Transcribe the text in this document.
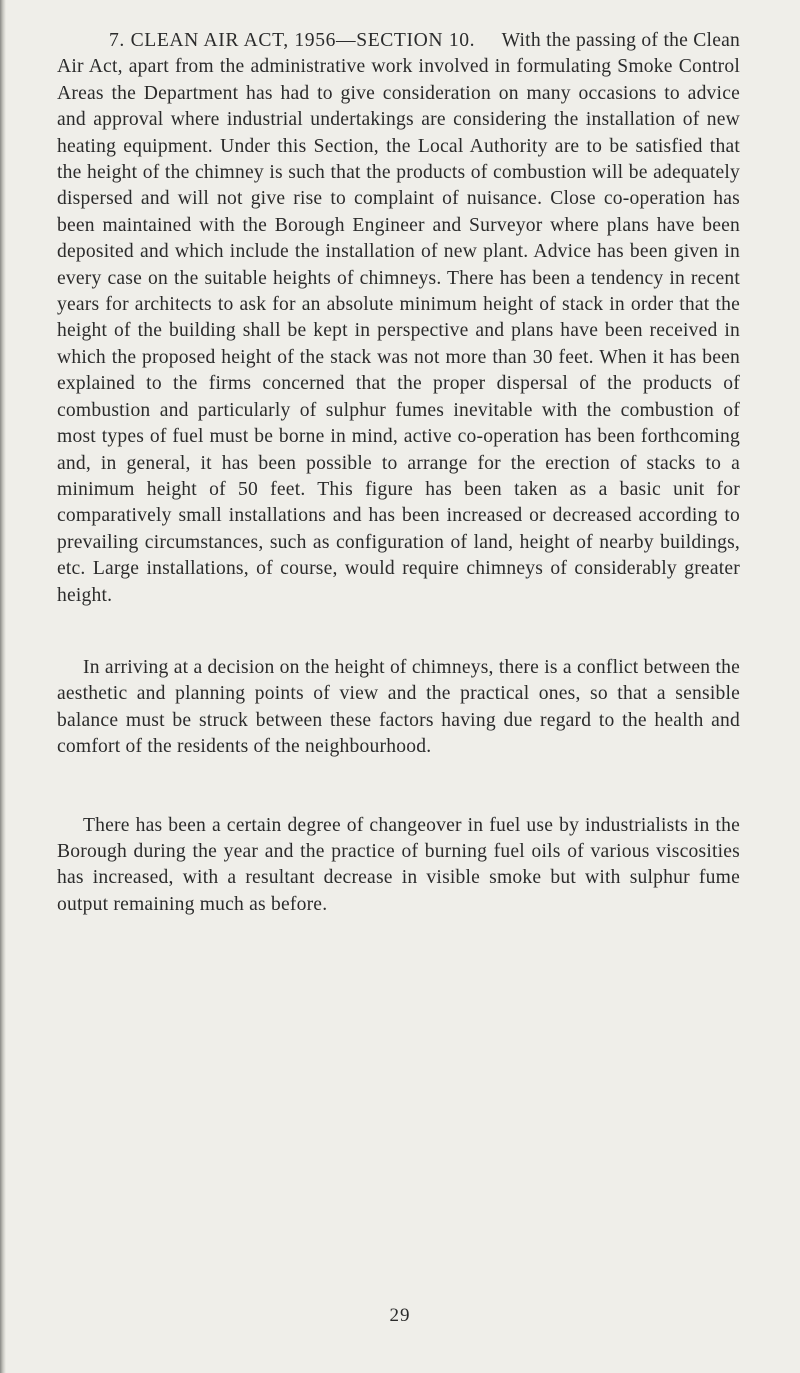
7. CLEAN AIR ACT, 1956—SECTION 10. With the passing of the Clean Air Act, apart from the administrative work involved in formulating Smoke Control Areas the Department has had to give consideration on many occasions to advice and approval where industrial undertakings are considering the installation of new heating equipment. Under this Section, the Local Authority are to be satisfied that the height of the chimney is such that the products of combustion will be adequately dispersed and will not give rise to complaint of nuisance. Close co-operation has been maintained with the Borough Engineer and Surveyor where plans have been deposited and which include the installation of new plant. Advice has been given in every case on the suitable heights of chimneys. There has been a tendency in recent years for architects to ask for an absolute minimum height of stack in order that the height of the building shall be kept in perspective and plans have been received in which the proposed height of the stack was not more than 30 feet. When it has been explained to the firms concerned that the proper dispersal of the products of combustion and particularly of sulphur fumes inevitable with the combustion of most types of fuel must be borne in mind, active co-operation has been forthcoming and, in general, it has been possible to arrange for the erection of stacks to a minimum height of 50 feet. This figure has been taken as a basic unit for comparatively small installations and has been increased or decreased according to prevailing circumstances, such as configuration of land, height of nearby buildings, etc. Large installations, of course, would require chimneys of considerably greater height.

In arriving at a decision on the height of chimneys, there is a conflict between the aesthetic and planning points of view and the practical ones, so that a sensible balance must be struck between these factors having due regard to the health and comfort of the residents of the neighbourhood.

There has been a certain degree of changeover in fuel use by industrialists in the Borough during the year and the practice of burning fuel oils of various viscosities has increased, with a resultant decrease in visible smoke but with sulphur fume output remaining much as before.

29
